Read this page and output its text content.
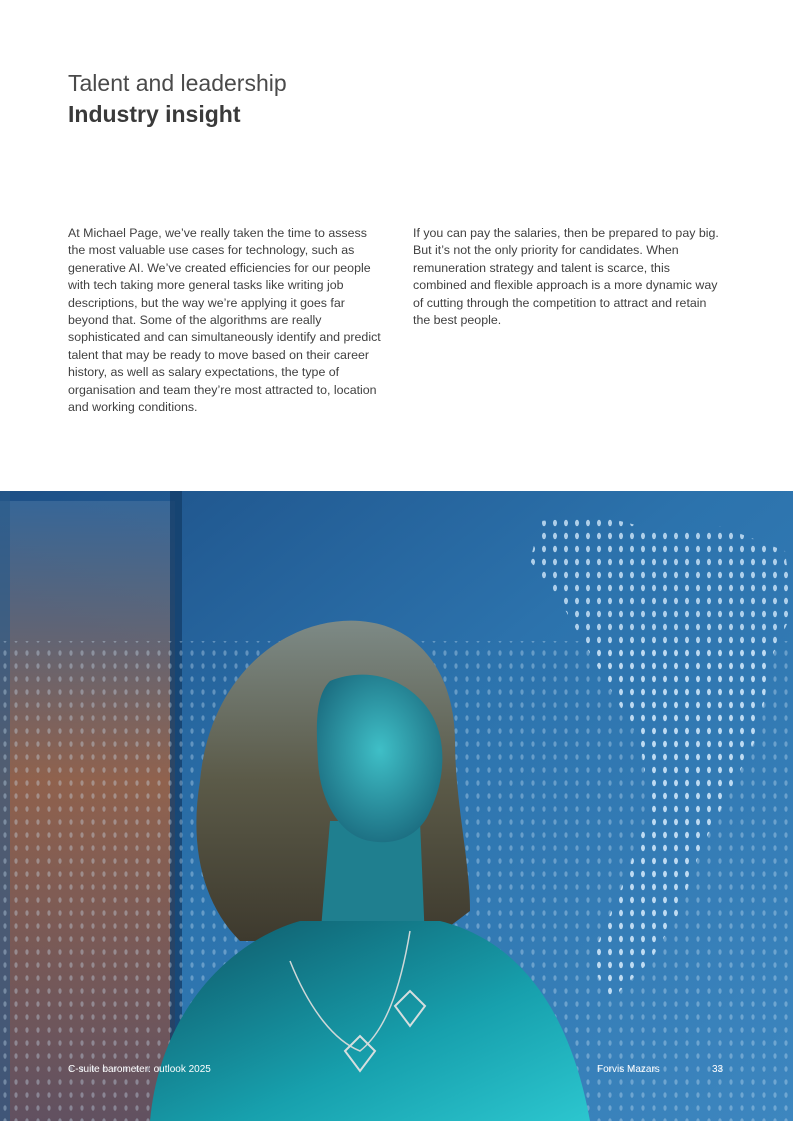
Talent and leadership
Industry insight

At Michael Page, we’ve really taken the time to assess the most valuable use cases for technology, such as generative AI. We’ve created efficiencies for our people with tech taking more general tasks like writing job descriptions, but the way we’re applying it goes far beyond that. Some of the algorithms are really sophisticated and can simultaneously identify and predict talent that may be ready to move based on their career history, as well as salary expectations, the type of organisation and team they’re most attracted to, location and working conditions.

If you can pay the salaries, then be prepared to pay big. But it’s not the only priority for candidates. When remuneration strategy and talent is scarce, this combined and flexible approach is a more dynamic way of cutting through the competition to attract and retain the best people.

C-suite barometer: outlook 2025	Forvis Mazars	33
